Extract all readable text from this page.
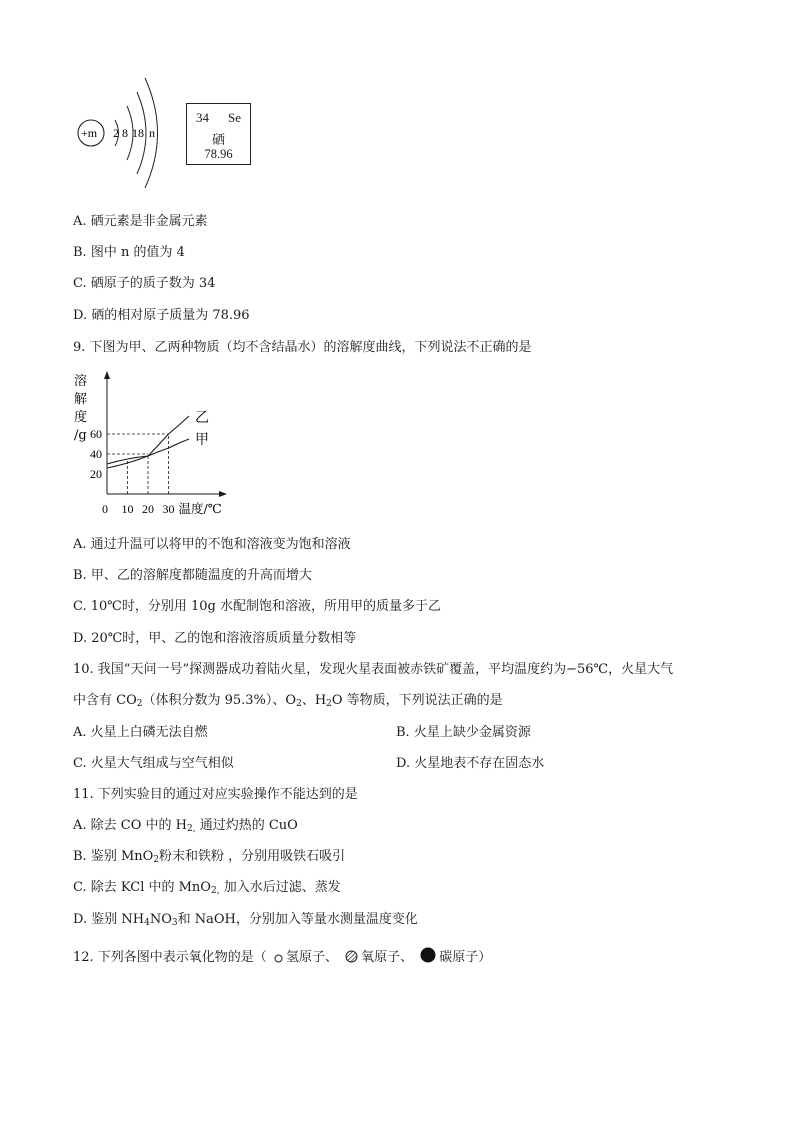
+m 2 8 18 n
34 Se
硒
78.96
A. 硒元素是非金属元素
B. 图中 n 的值为 4
C. 硒原子的质子数为 34
D. 硒的相对原子质量为 78.96
9. 下图为甲、乙两种物质（均不含结晶水）的溶解度曲线，下列说法不正确的是
溶
解
度
/g
20
40
60
0 10 20 30 温度/℃
乙
甲
A. 通过升温可以将甲的不饱和溶液变为饱和溶液
B. 甲、乙的溶解度都随温度的升高而增大
C. 10℃时，分别用 10g 水配制饱和溶液，所用甲的质量多于乙
D. 20℃时，甲、乙的饱和溶液溶质质量分数相等
10. 我国“天问一号”探测器成功着陆火星，发现火星表面被赤铁矿覆盖，平均温度约为−56℃，火星大气
中含有 $CO_2$（体积分数为 95.3%）、$O_2$、$H_2O$ 等物质，下列说法正确的是
A. 火星上白磷无法自燃	B. 火星上缺少金属资源
C. 火星大气组成与空气相似	D. 火星地表不存在固态水
11. 下列实验目的通过对应实验操作不能达到的是
A. 除去 CO 中的 $H_{2,}$ 通过灼热的 CuO
B. 鉴别 MnO$_2$粉末和铁粉 ，分别用吸铁石吸引
C. 除去 KCl 中的 MnO$_{2,}$ 加入水后过滤、蒸发
D. 鉴别 $NH_4NO_3$和 NaOH，分别加入等量水测量温度变化
12. 下列各图中表示氧化物的是（ 氢原子、 氧原子、 碳原子）
